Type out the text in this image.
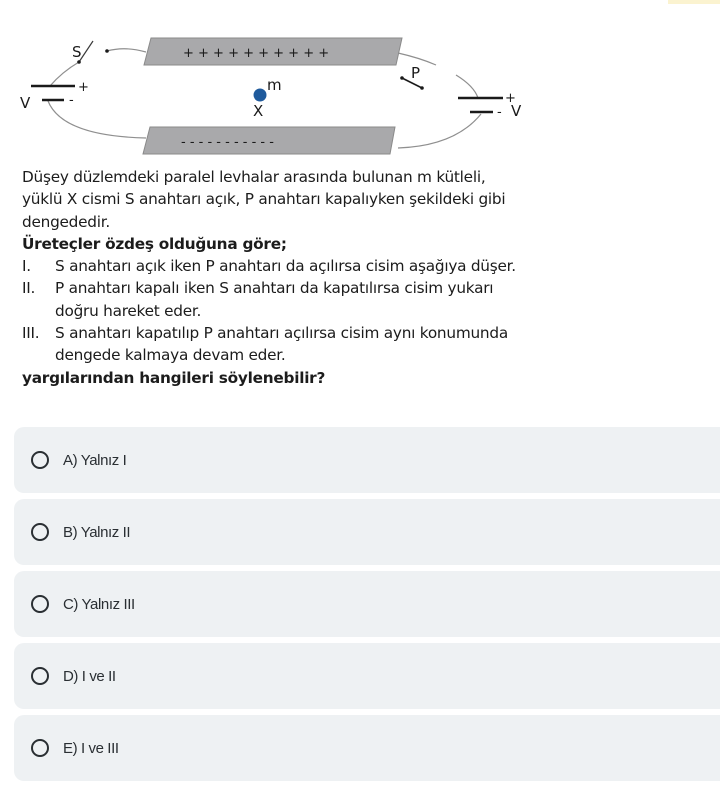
+ + + + + + + + + +
- - - - - - - - - - -
S
+
-
V
P
+
- V
m
X

Düşey düzlemdeki paralel levhalar arasında bulunan m kütleli,

yüklü X cismi S anahtarı açık, P anahtarı kapalıyken şekildeki gibi

dengededir.

Üreteçler özdeş olduğuna göre;

I.	S anahtarı açık iken P anahtarı da açılırsa cisim aşağıya düşer.
II.	P anahtarı kapalı iken S anahtarı da kapatılırsa cisim yukarı
doğru hareket eder.
III.	S anahtarı kapatılıp P anahtarı açılırsa cisim aynı konumunda
dengede kalmaya devam eder.

yargılarından hangileri söylenebilir?

A) Yalnız I
B) Yalnız II
C) Yalnız III
D) I ve II
E) I ve III
